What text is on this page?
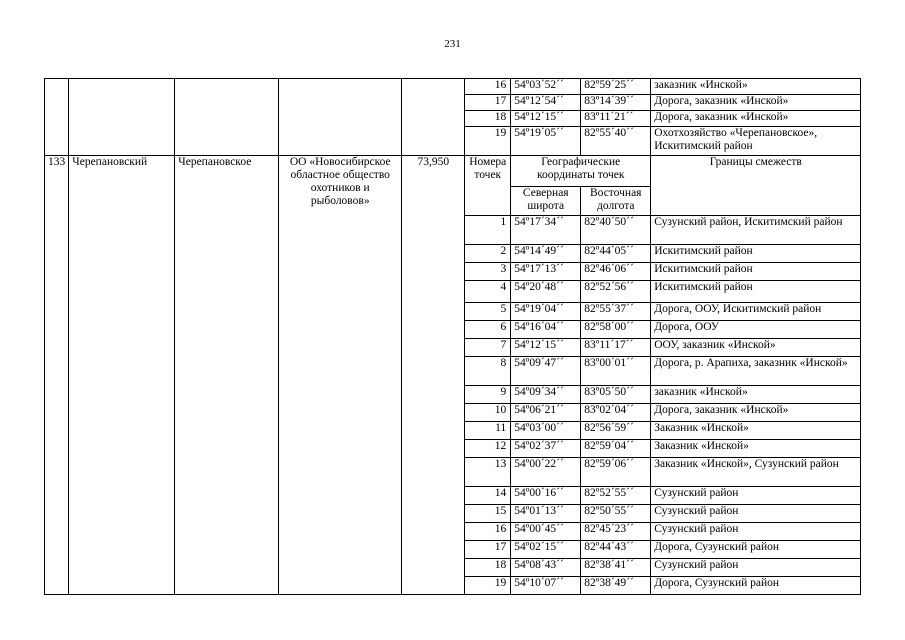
231
					16	54º03´52´´	82º59´25´´	заказник «Инской»
					17	54º12´54´´	83º14´39´´	Дорога, заказник «Инской»
					18	54º12´15´´	83º11´21´´	Дорога, заказник «Инской»
					19	54º19´05´´	82º55´40´´	Охотхозяйство «Черепановское», Искитимский район
133	Черепановский	Черепановское	ОО «Новосибирское областное общество охотников и рыболовов»	73,950	Номера точек	Географические координаты точек		Границы смежеств
						Северная широта	Восточная долгота	
					1	54º17´34´´	82º40´50´´	Сузунский район, Искитимский район
					2	54º14´49´´	82º44´05´´	Искитимский район
					3	54º17´13´´	82º46´06´´	Искитимский район
					4	54º20´48´´	82º52´56´´	Искитимский район
					5	54º19´04´´	82º55´37´´	Дорога, ООУ, Искитимский район
					6	54º16´04´´	82º58´00´´	Дорога, ООУ
					7	54º12´15´´	83º11´17´´	ООУ, заказник «Инской»
					8	54º09´47´´	83º00´01´´	Дорога, р. Арапиха, заказник «Инской»
					9	54º09´34´´	83º05´50´´	заказник «Инской»
					10	54º06´21´´	83º02´04´´	Дорога, заказник «Инской»
					11	54º03´00´´	82º56´59´´	Заказник «Инской»
					12	54º02´37´´	82º59´04´´	Заказник «Инской»
					13	54º00´22´´	82º59´06´´	Заказник «Инской», Сузунский район
					14	54º00´16´´	82º52´55´´	Сузунский район
					15	54º01´13´´	82º50´55´´	Сузунский район
					16	54º00´45´´	82º45´23´´	Сузунский район
					17	54º02´15´´	82º44´43´´	Дорога, Сузунский район
					18	54º08´43´´	82º38´41´´	Сузунский район
					19	54º10´07´´	82º38´49´´	Дорога, Сузунский район
